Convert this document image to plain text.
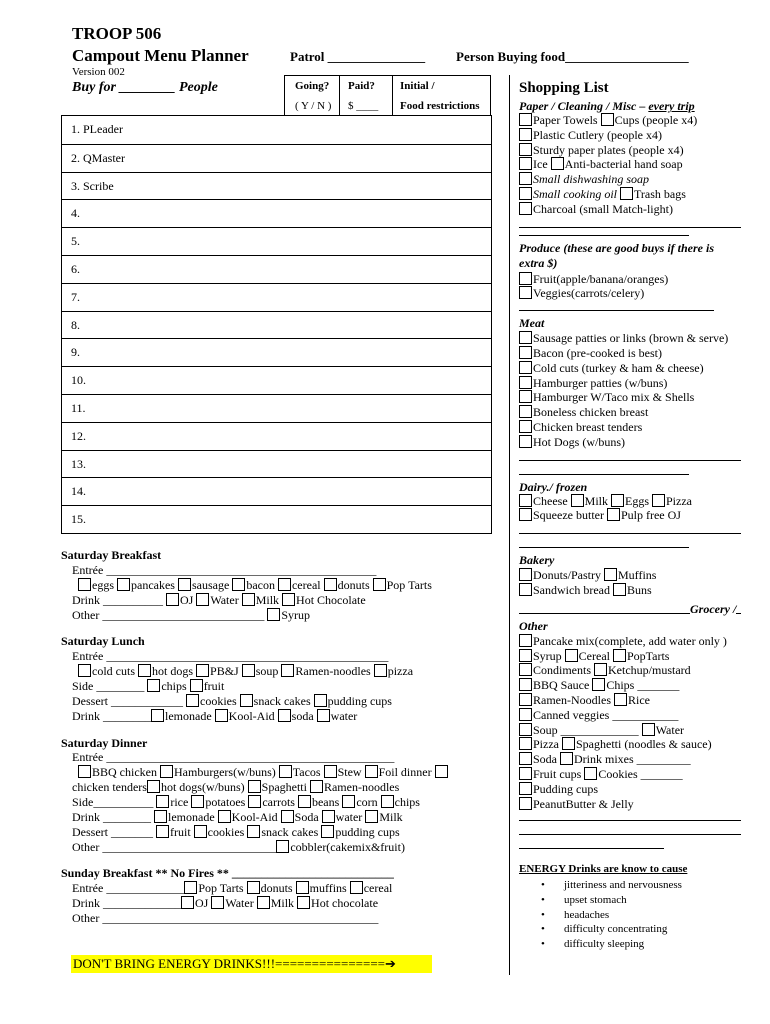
TROOP 506
Campout Menu Planner
Version 002
Buy for ________ People
Patrol _______________ Person Buying food___________________
Going?
( Y / N )
Paid?
$ ____
Initial /
Food restrictions
1. PLeader
2. QMaster
3. Scribe
4.
5.
6.
7.
8.
9.
10.
11.
12.
13.
14.
15.
Saturday Breakfast
Entrée _____________________________________________
eggs pancakes sausage bacon cereal donuts Pop Tarts
Drink __________ OJ Water Milk Hot Chocolate
Other ___________________________ Syrup
Saturday Lunch
Entrée _______________________________________________
cold cuts hot dogs PB&J soup Ramen-noodles pizza
Side ________ chips fruit
Dessert ____________ cookies snack cakes pudding cups
Drink ________ lemonade Kool-Aid soda water
Saturday Dinner
Entrée ________________________________________________
BBQ chicken Hamburgers(w/buns) Tacos Stew Foil dinner
chicken tenders hot dogs(w/buns) Spaghetti Ramen-noodles
Side__________ rice potatoes carrots beans corn chips
Drink ________ lemonade Kool-Aid Soda water Milk
Dessert _______ fruit cookies snack cakes pudding cups
Other _____________________________ cobbler(cakemix&fruit)
Sunday Breakfast ** No Fires ** ___________________________
Entrée _____________ Pop Tarts donuts muffins cereal
Drink _____________ OJ Water Milk Hot chocolate
Other ______________________________________________
DON'T BRING ENERGY DRINKS!!!===============➔
Shopping List
Paper / Cleaning / Misc – every trip
Paper Towels Cups (people x4)
Plastic Cutlery (people x4)
Sturdy paper plates (people x4)
Ice Anti-bacterial hand soap
Small dishwashing soap
Small cooking oil Trash bags
Charcoal (small Match-light)
Produce (these are good buys if there is extra $)
Fruit(apple/banana/oranges)
Veggies(carrots/celery)
Meat
Sausage patties or links (brown & serve)
Bacon (pre-cooked is best)
Cold cuts (turkey & ham & cheese)
Hamburger patties (w/buns)
Hamburger W/Taco mix & Shells
Boneless chicken breast
Chicken breast tenders
Hot Dogs (w/buns)
Dairy./ frozen
Cheese Milk Eggs Pizza
Squeeze butter Pulp free OJ
Bakery
Donuts/Pastry Muffins
Sandwich bread Buns
Grocery /
Other
Pancake mix(complete, add water only )
Syrup Cereal PopTarts
Condiments Ketchup/mustard
BBQ Sauce Chips _______
Ramen-Noodles Rice
Canned veggies ___________
Soup _____________ Water
Pizza Spaghetti (noodles & sauce)
Soda Drink mixes _________
Fruit cups Cookies _______
Pudding cups
PeanutButter & Jelly
ENERGY Drinks are know to cause
• jitteriness and nervousness
• upset stomach
• headaches
• difficulty concentrating
• difficulty sleeping
